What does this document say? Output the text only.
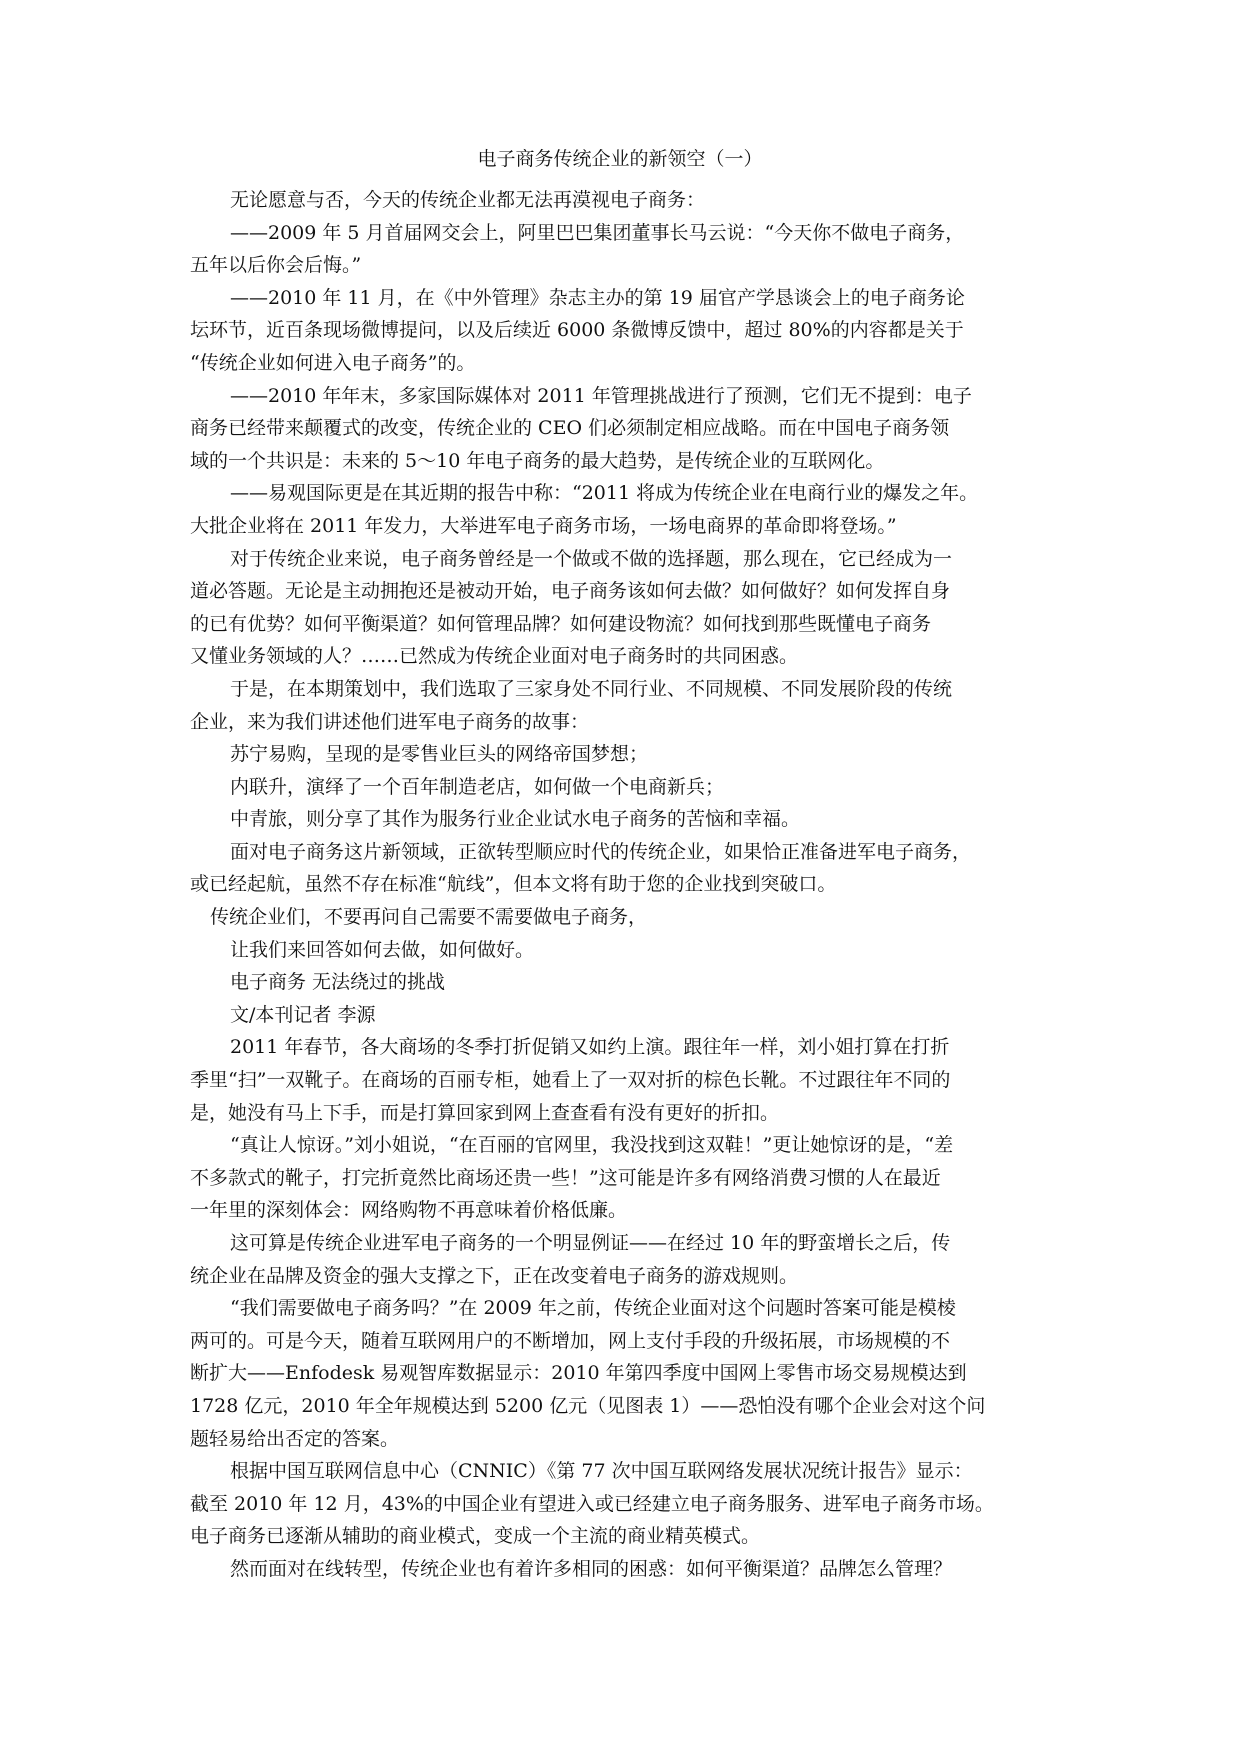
电子商务传统企业的新领空（一）
无论愿意与否，今天的传统企业都无法再漠视电子商务：
——2009 年 5 月首届网交会上，阿里巴巴集团董事长马云说：“今天你不做电子商务，
五年以后你会后悔。”
——2010 年 11 月，在《中外管理》杂志主办的第 19 届官产学恳谈会上的电子商务论
坛环节，近百条现场微博提问，以及后续近 6000 条微博反馈中，超过 80%的内容都是关于
“传统企业如何进入电子商务”的。
——2010 年年末，多家国际媒体对 2011 年管理挑战进行了预测，它们无不提到：电子
商务已经带来颠覆式的改变，传统企业的 CEO 们必须制定相应战略。而在中国电子商务领
域的一个共识是：未来的 5～10 年电子商务的最大趋势，是传统企业的互联网化。
——易观国际更是在其近期的报告中称：“2011 将成为传统企业在电商行业的爆发之年。
大批企业将在 2011 年发力，大举进军电子商务市场，一场电商界的革命即将登场。”
对于传统企业来说，电子商务曾经是一个做或不做的选择题，那么现在，它已经成为一
道必答题。无论是主动拥抱还是被动开始，电子商务该如何去做？如何做好？如何发挥自身
的已有优势？如何平衡渠道？如何管理品牌？如何建设物流？如何找到那些既懂电子商务
又懂业务领域的人？……已然成为传统企业面对电子商务时的共同困惑。
于是，在本期策划中，我们选取了三家身处不同行业、不同规模、不同发展阶段的传统
企业，来为我们讲述他们进军电子商务的故事：
苏宁易购，呈现的是零售业巨头的网络帝国梦想；
内联升，演绎了一个百年制造老店，如何做一个电商新兵；
中青旅，则分享了其作为服务行业企业试水电子商务的苦恼和幸福。
面对电子商务这片新领域，正欲转型顺应时代的传统企业，如果恰正准备进军电子商务，
或已经起航，虽然不存在标准“航线”，但本文将有助于您的企业找到突破口。
传统企业们，不要再问自己需要不需要做电子商务，
让我们来回答如何去做，如何做好。
电子商务 无法绕过的挑战
文/本刊记者 李源
2011 年春节，各大商场的冬季打折促销又如约上演。跟往年一样，刘小姐打算在打折
季里“扫”一双靴子。在商场的百丽专柜，她看上了一双对折的棕色长靴。不过跟往年不同的
是，她没有马上下手，而是打算回家到网上查查看有没有更好的折扣。
“真让人惊讶。”刘小姐说，“在百丽的官网里，我没找到这双鞋！”更让她惊讶的是，“差
不多款式的靴子，打完折竟然比商场还贵一些！”这可能是许多有网络消费习惯的人在最近
一年里的深刻体会：网络购物不再意味着价格低廉。
这可算是传统企业进军电子商务的一个明显例证——在经过 10 年的野蛮增长之后，传
统企业在品牌及资金的强大支撑之下，正在改变着电子商务的游戏规则。
“我们需要做电子商务吗？”在 2009 年之前，传统企业面对这个问题时答案可能是模棱
两可的。可是今天，随着互联网用户的不断增加，网上支付手段的升级拓展，市场规模的不
断扩大——Enfodesk 易观智库数据显示：2010 年第四季度中国网上零售市场交易规模达到
1728 亿元，2010 年全年规模达到 5200 亿元（见图表 1）——恐怕没有哪个企业会对这个问
题轻易给出否定的答案。
根据中国互联网信息中心（CNNIC）《第 77 次中国互联网络发展状况统计报告》显示：
截至 2010 年 12 月，43%的中国企业有望进入或已经建立电子商务服务、进军电子商务市场。
电子商务已逐渐从辅助的商业模式，变成一个主流的商业精英模式。
然而面对在线转型，传统企业也有着许多相同的困惑：如何平衡渠道？品牌怎么管理？
